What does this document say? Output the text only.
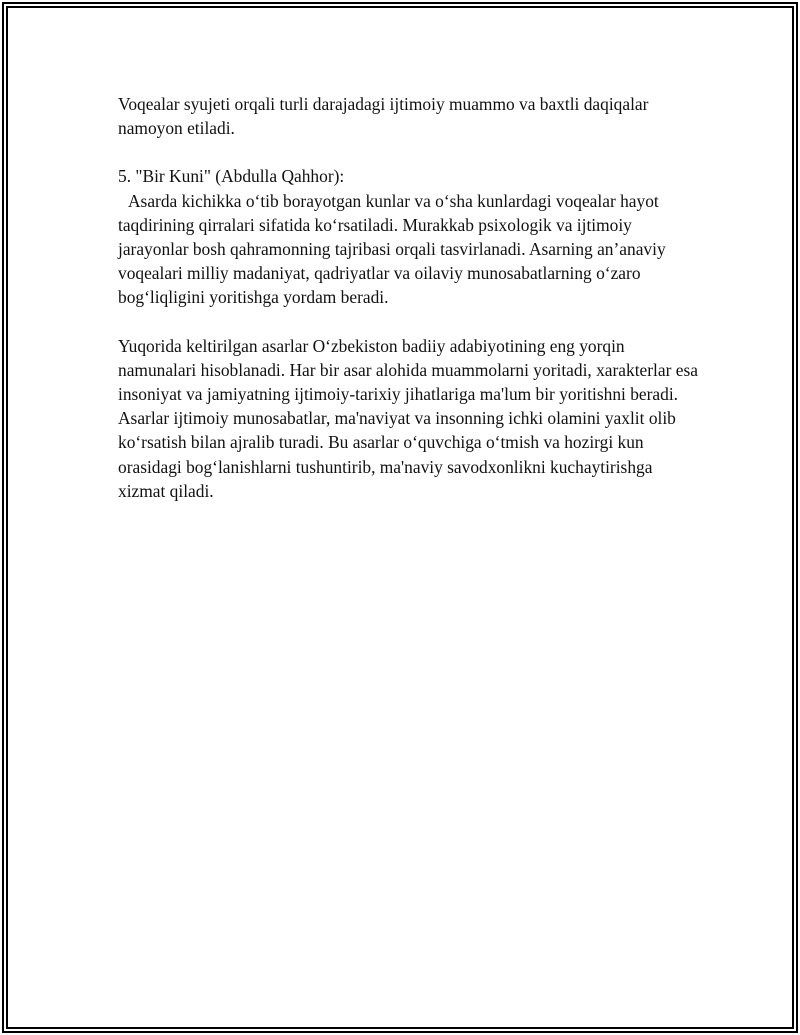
Voqealar syujeti orqali turli darajadagi ijtimoiy muammo va baxtli daqiqalar namoyon etiladi.

5. "Bir Kuni" (Abdulla Qahhor):

Asarda kichikka o‘tib borayotgan kunlar va o‘sha kunlardagi voqealar hayot taqdirining qirralari sifatida ko‘rsatiladi. Murakkab psixologik va ijtimoiy jarayonlar bosh qahramonning tajribasi orqali tasvirlanadi. Asarning an’anaviy voqealari milliy madaniyat, qadriyatlar va oilaviy munosabatlarning o‘zaro bog‘liqligini yoritishga yordam beradi.

Yuqorida keltirilgan asarlar O‘zbekiston badiiy adabiyotining eng yorqin namunalari hisoblanadi. Har bir asar alohida muammolarni yoritadi, xarakterlar esa insoniyat va jamiyatning ijtimoiy-tarixiy jihatlariga ma'lum bir yoritishni beradi. Asarlar ijtimoiy munosabatlar, ma'naviyat va insonning ichki olamini yaxlit olib ko‘rsatish bilan ajralib turadi. Bu asarlar o‘quvchiga o‘tmish va hozirgi kun orasidagi bog‘lanishlarni tushuntirib, ma'naviy savodxonlikni kuchaytirishga xizmat qiladi.
